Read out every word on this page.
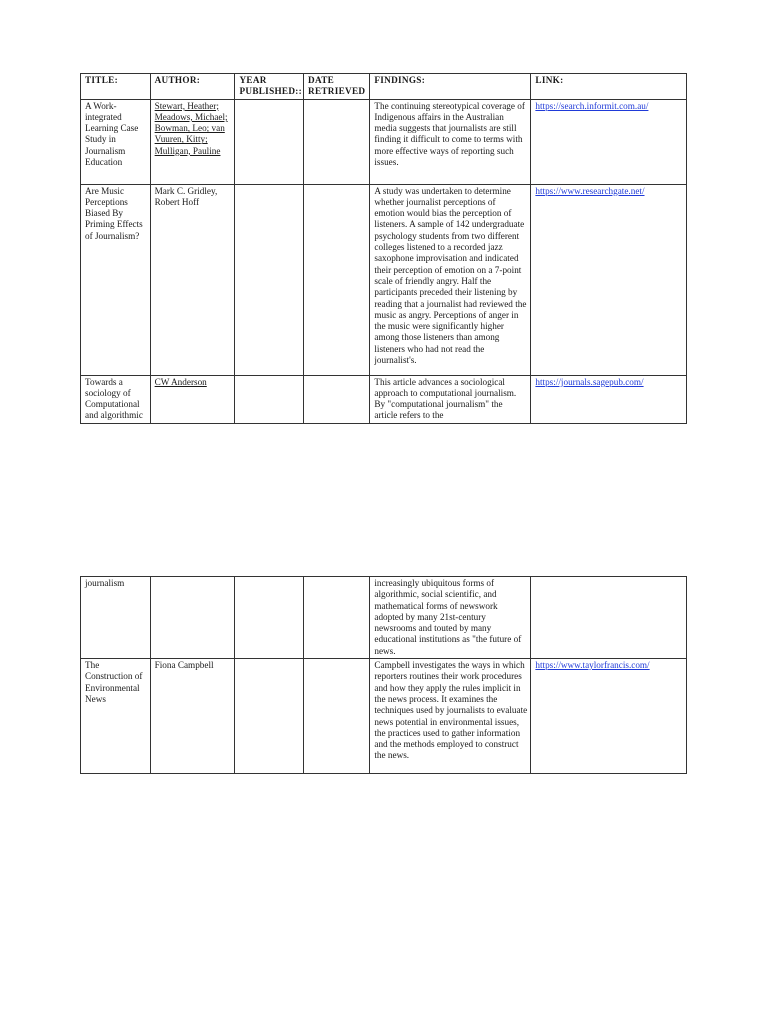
TITLE:	AUTHOR:	YEAR PUBLISHED::	DATE RETRIEVED	FINDINGS:	LINK:
A Work-integrated Learning Case Study in Journalism Education	Stewart, Heather; Meadows, Michael; Bowman, Leo; van Vuuren, Kitty; Mulligan, Pauline			The continuing stereotypical coverage of Indigenous affairs in the Australian media suggests that journalists are still finding it difficult to come to terms with more effective ways of reporting such issues.	https://search.informit.com.au/
Are Music Perceptions Biased By Priming Effects of Journalism?	Mark C. Gridley, Robert Hoff			A study was undertaken to determine whether journalist perceptions of emotion would bias the perception of listeners. A sample of 142 undergraduate psychology students from two different colleges listened to a recorded jazz saxophone improvisation and indicated their perception of emotion on a 7-point scale of friendly angry. Half the participants preceded their listening by reading that a journalist had reviewed the music as angry. Perceptions of anger in the music were significantly higher among those listeners than among listeners who had not read the journalist's.	https://www.researchgate.net/
Towards a sociology of Computational and algorithmic	CW Anderson			This article advances a sociological approach to computational journalism. By "computational journalism" the article refers to the	https://journals.sagepub.com/
journalism				increasingly ubiquitous forms of algorithmic, social scientific, and mathematical forms of newswork adopted by many 21st-century newsrooms and touted by many educational institutions as "the future of news.	
The Construction of Environmental News	Fiona Campbell			Campbell investigates the ways in which reporters routines their work procedures and how they apply the rules implicit in the news process. It examines the techniques used by journalists to evaluate news potential in environmental issues, the practices used to gather information and the methods employed to construct the news.	https://www.taylorfrancis.com/
